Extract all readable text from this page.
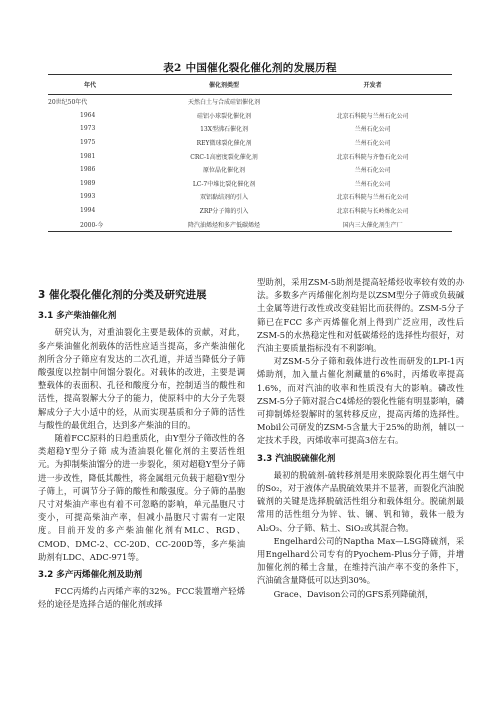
表2 中国催化裂化催化剂的发展历程
年代	催化剂类型	开发者
20世纪50年代	天然白土与合成硅铝催化剂	
1964	硅铝小球裂化催化剂	北京石科院与兰州石化公司
1973	13X型沸石催化剂	兰州石化公司
1975	REY微球裂化催化剂	兰州石化公司
1981	CRC-1高密度裂化催化剂	北京石科院与齐鲁石化公司
1986	原位晶化催化剂	兰州石化公司
1989	LC-7中堆比裂化催化剂	兰州石化公司
1993	双铝黏结剂的引入	北京石科院与兰州石化公司
1994	ZRP分子筛的引入	北京石科院与长岭炼化公司
2000-今	降汽油烯烃和多产低碳烯烃	国内三大催化剂生产厂
3 催化裂化催化剂的分类及研究进展
3.1 多产柴油催化剂

研究认为，对重油裂化主要是载体的贡献，对此，多产柴油催化剂载体的活性应适当提高，多产柴油催化剂所含分子筛应有发达的二次孔道，并适当降低分子筛酸强度以控制中间馏分裂化。对载体的改进，主要是调整载体的表面积、孔径和酸度分布，控制适当的酸性和活性，提高裂解大分子的能力，使原料中的大分子先裂解成分子大小适中的烃，从而实现基质和分子筛的活性与酸性的最优组合，达到多产柴油的目的。

随着FCC原料的日趋重质化，由Y型分子筛改性的各类超稳Y型分子筛 成为渣油裂化催化剂的主要活性组元。为抑制柴油馏分的进一步裂化，须对超稳Y型分子筛进一步改性，降低其酸性，将金属组元负载于超稳Y型分子筛上，可调节分子筛的酸性和酸强度。分子筛的晶胞尺寸对柴油产率也有着不可忽略的影响，单元晶胞尺寸变小，可提高柴油产率，但减小晶胞尺寸需有一定限度。目前开发的多产柴油催化剂有MLC、RGD、CMOD、DMC-2、CC-20D、CC-200D等，多产柴油助剂有LDC、ADC-971等。

3.2 多产丙烯催化剂及助剂

FCC丙烯约占丙烯产率的32%。FCC装置增产轻烯烃的途径是选择合适的催化剂或择

型助剂，采用ZSM-5助剂是提高轻烯烃收率较有效的办法。多数多产丙烯催化剂均是以ZSM型分子筛或负载碱土金属等进行改性或改变硅铝比而获得的。ZSM-5分子筛已在FCC 多产丙烯催化剂上得到广泛应用，改性后ZSM-5的水热稳定性和对低碳烯烃的选择性均很好，对汽油主要质量指标没有不利影响。

对ZSM-5分子筛和载体进行改性而研发的LPI-1丙烯助剂，加入量占催化剂藏量的6%时，丙烯收率提高1.6%，而对汽油的收率和性质没有大的影响。磷改性ZSM-5分子筛对混合C4烯烃的裂化性能有明显影响，磷可抑制烯烃裂解时的氢转移反应，提高丙烯的选择性。Mobil公司研发的ZSM-5含量大于25%的助剂，辅以一定技术手段，丙烯收率可提高3倍左右。

3.3 汽油脱硫催化剂

最初的脱硫剂-硫转移剂是用来脱除裂化再生烟气中的So₂，对于液体产品脱硫效果并不显著，而裂化汽油脱硫剂的关键是选择脱硫活性组分和载体组分。脱硫剂最常用的活性组分为锌、钛、镧、钒和铈，载体一般为Al₂O₃、分子筛、粘土、SiO₂或其混合物。

Engelhard公司的Naptha Max—LSG降硫剂，采用Engelhard公司专有的Pyochem-Plus分子筛，并增加催化剂的稀土含量，在维持汽油产率不变的条件下，汽油硫含量降低可以达到30%。

Grace、Davison公司的GFS系列降硫剂，
